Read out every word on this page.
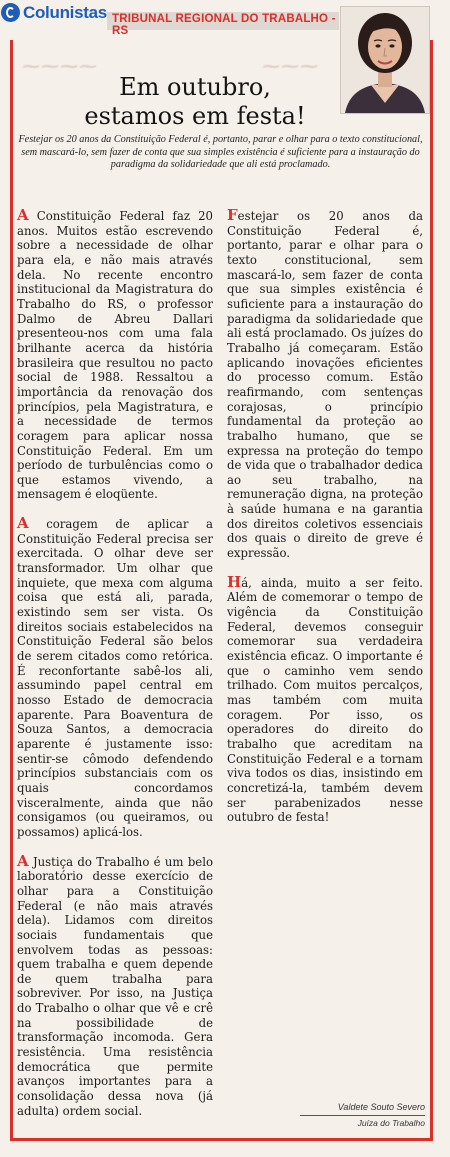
Colunistas TRIBUNAL REGIONAL DO TRABALHO - RS
⁓⁓⁓⁓	⁓⁓⁓
Em outubro,
estamos em festa!

Festejar os 20 anos da Constituição Federal é, portanto, parar e olhar para o texto constitucional, sem mascará-lo, sem fazer de conta que sua simples existência é suficiente para a instauração do paradigma da solidariedade que ali está proclamado.

A Constituição Federal faz 20 anos. Muitos estão escrevendo sobre a necessidade de olhar para ela, e não mais através dela. No recente encontro institucional da Magistratura do Trabalho do RS, o professor Dalmo de Abreu Dallari presenteou-nos com uma fala brilhante acerca da história brasileira que resultou no pacto social de 1988. Ressaltou a importância da renovação dos princípios, pela Magistratura, e a necessidade de termos coragem para aplicar nossa Constituição Federal. Em um período de turbulências como o que estamos vivendo, a mensagem é eloqüente.

A coragem de aplicar a Constituição Federal precisa ser exercitada. O olhar deve ser transformador. Um olhar que inquiete, que mexa com alguma coisa que está ali, parada, existindo sem ser vista. Os direitos sociais estabelecidos na Constituição Federal são belos de serem citados como retórica. É reconfortante sabê-los ali, assumindo papel central em nosso Estado de democracia aparente. Para Boaventura de Souza Santos, a democracia aparente é justamente isso: sentir-se cômodo defendendo princípios substanciais com os quais concordamos visceralmente, ainda que não consigamos (ou queiramos, ou possamos) aplicá-los.

A Justiça do Trabalho é um belo laboratório desse exercício de olhar para a Constituição Federal (e não mais através dela). Lidamos com direitos sociais fundamentais que envolvem todas as pessoas: quem trabalha e quem depende de quem trabalha para sobreviver. Por isso, na Justiça do Trabalho o olhar que vê e crê na possibilidade de transformação incomoda. Gera resistência. Uma resistência democrática que permite avanços importantes para a consolidação dessa nova (já adulta) ordem social.

Festejar os 20 anos da Constituição Federal é, portanto, parar e olhar para o texto constitucional, sem mascará-lo, sem fazer de conta que sua simples existência é suficiente para a instauração do paradigma da solidariedade que ali está proclamado. Os juízes do Trabalho já começaram. Estão aplicando inovações eficientes do processo comum. Estão reafirmando, com sentenças corajosas, o princípio fundamental da proteção ao trabalho humano, que se expressa na proteção do tempo de vida que o trabalhador dedica ao seu trabalho, na remuneração digna, na proteção à saúde humana e na garantia dos direitos coletivos essenciais dos quais o direito de greve é expressão.

Há, ainda, muito a ser feito. Além de comemorar o tempo de vigência da Constituição Federal, devemos conseguir comemorar sua verdadeira existência eficaz. O importante é que o caminho vem sendo trilhado. Com muitos percalços, mas também com muita coragem. Por isso, os operadores do direito do trabalho que acreditam na Constituição Federal e a tornam viva todos os dias, insistindo em concretizá-la, também devem ser parabenizados nesse outubro de festa!

Valdete Souto Severo
Juíza do Trabalho
